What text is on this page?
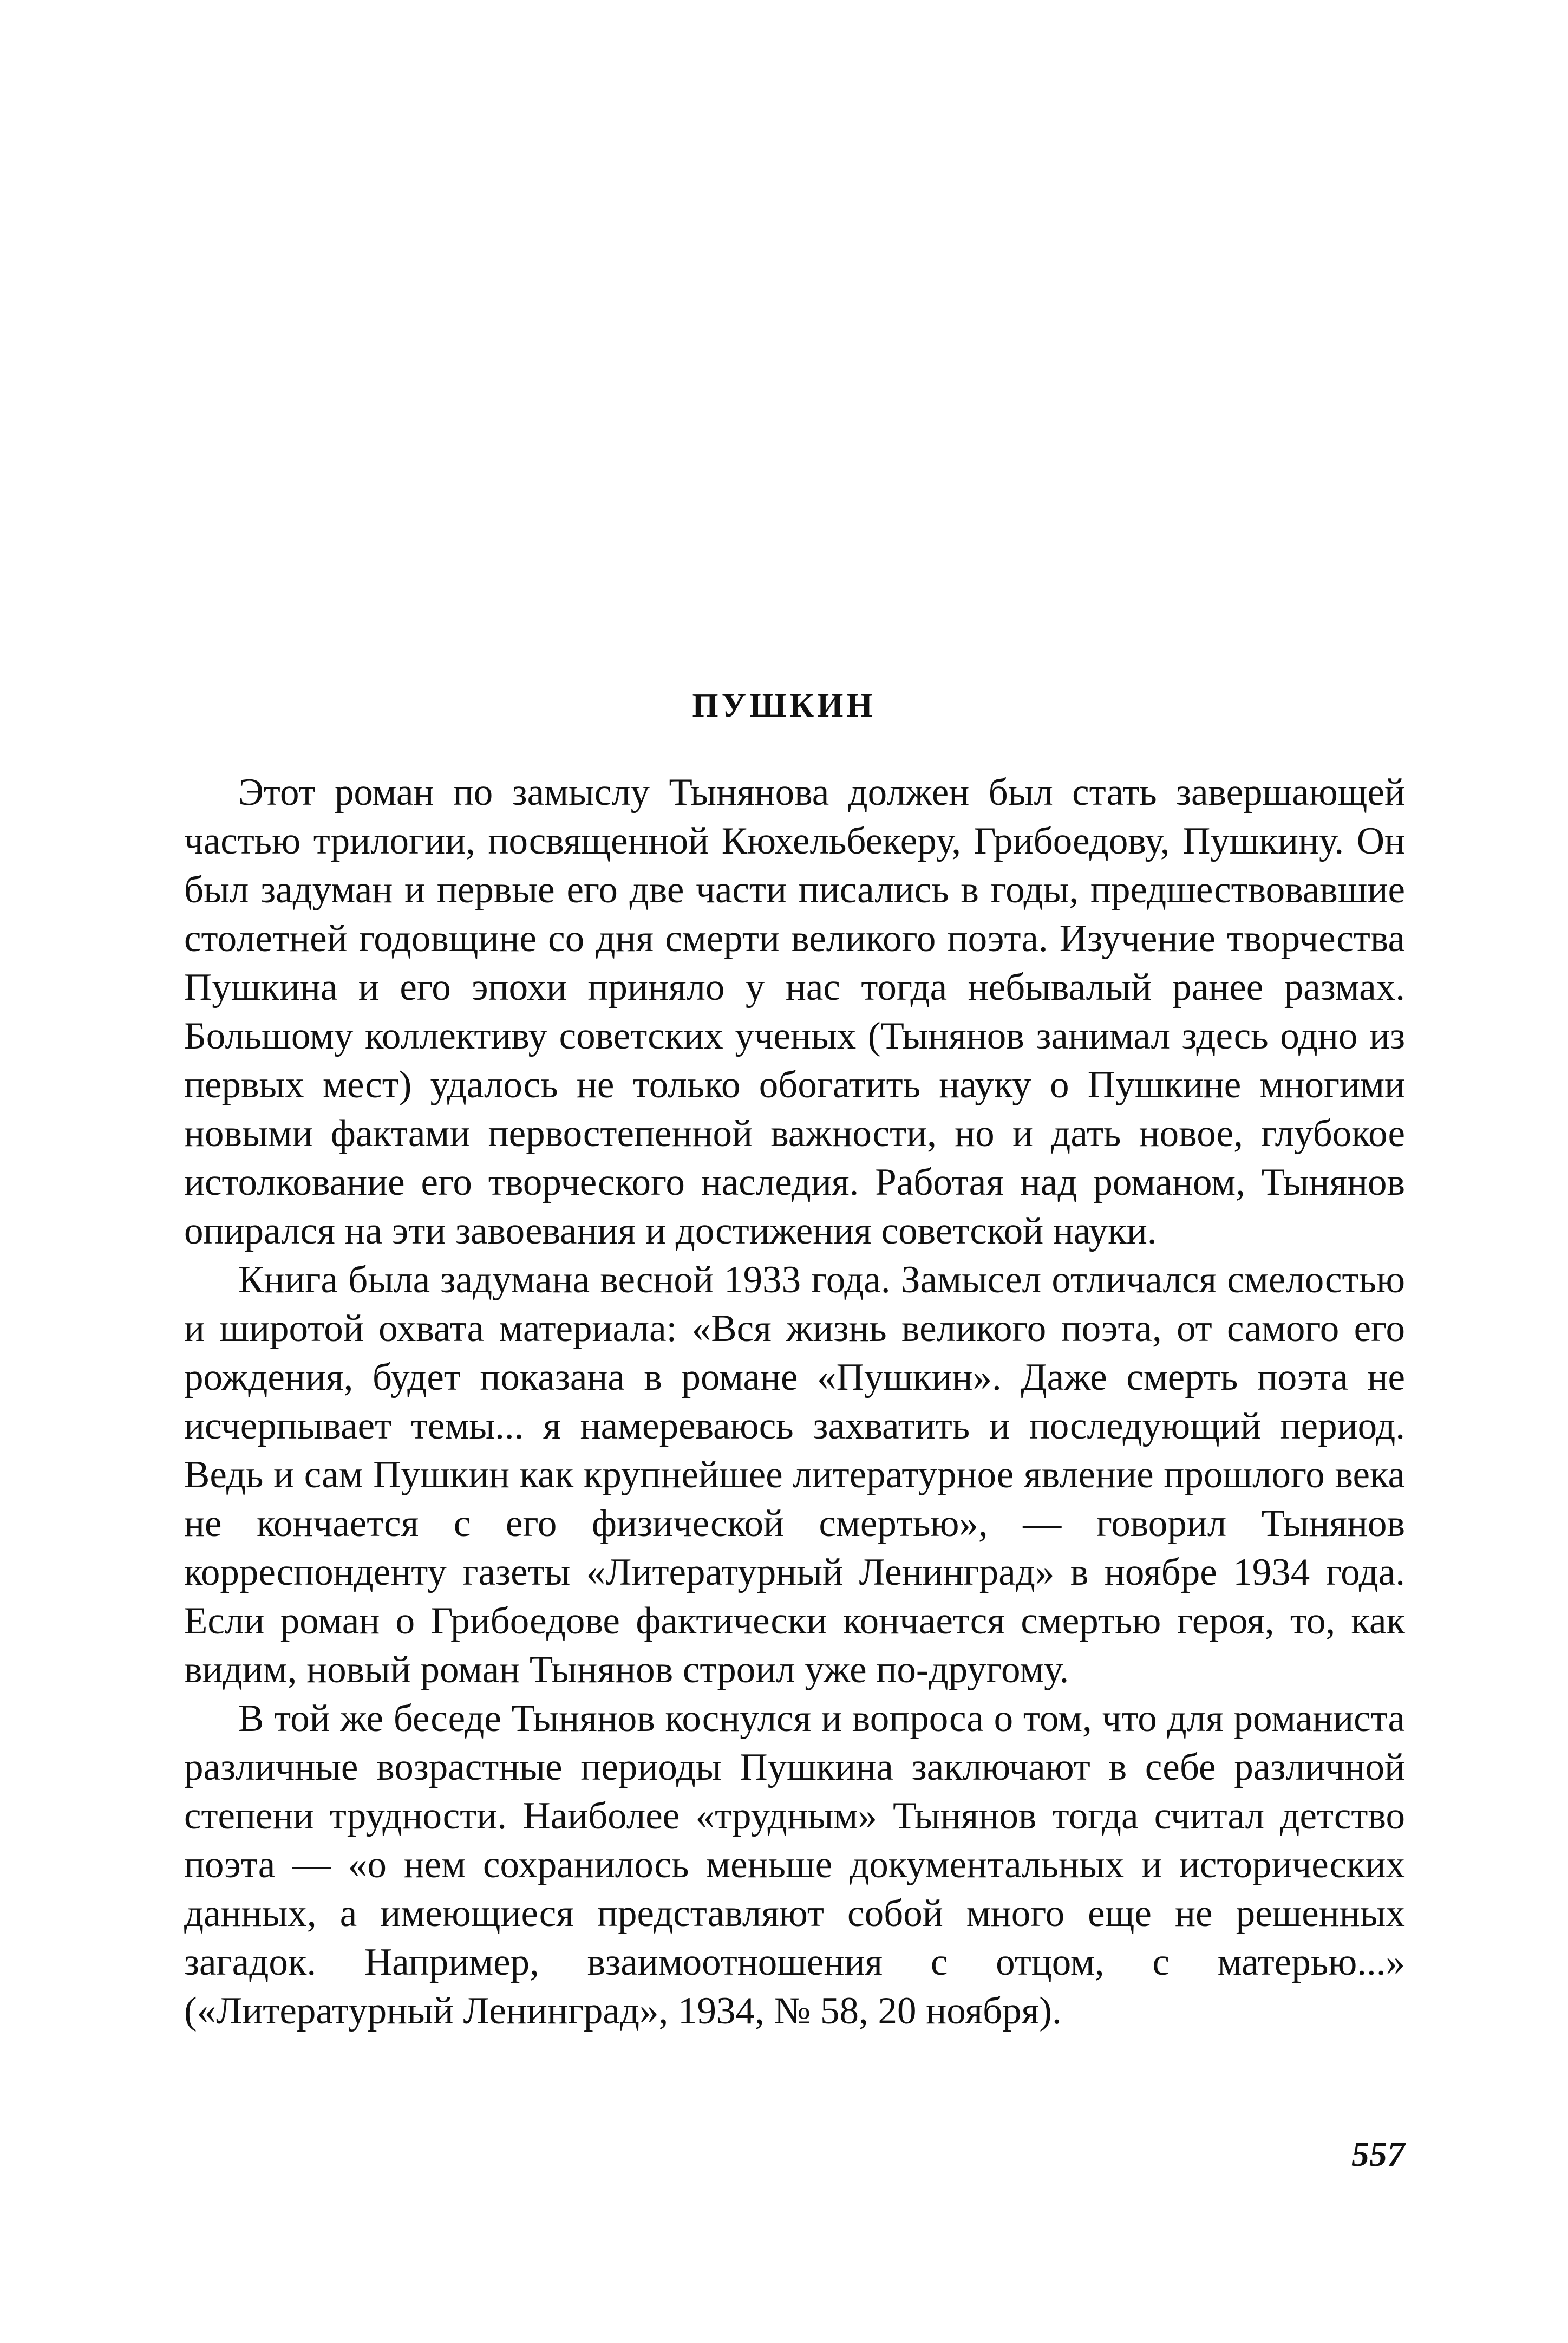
ПУШКИН

Этот роман по замыслу Тынянова должен был стать завершающей частью трилогии, посвященной Кюхельбекеру, Грибоедову, Пушкину. Он был задуман и первые его две части писались в годы, предшествовавшие столетней годовщине со дня смерти великого поэта. Изучение творчества Пушкина и его эпохи приняло у нас тогда небывалый ранее размах. Большому коллективу советских ученых (Тынянов занимал здесь одно из первых мест) удалось не только обогатить науку о Пушкине многими новыми фактами первостепенной важности, но и дать новое, глубокое истолкование его творческого наследия. Работая над романом, Тынянов опирался на эти завоевания и достижения советской науки.

Книга была задумана весной 1933 года. Замысел отличался смелостью и широтой охвата материала: «Вся жизнь великого поэта, от самого его рождения, будет показана в романе «Пушкин». Даже смерть поэта не исчерпывает темы... я намереваюсь захватить и последующий период. Ведь и сам Пушкин как крупнейшее литературное явление прошлого века не кончается с его физической смертью», — говорил Тынянов корреспонденту газеты «Литературный Ленинград» в ноябре 1934 года. Если роман о Грибоедове фактически кончается смертью героя, то, как видим, новый роман Тынянов строил уже по-другому.

В той же беседе Тынянов коснулся и вопроса о том, что для романиста различные возрастные периоды Пушкина заключают в себе различной степени трудности. Наиболее «трудным» Тынянов тогда считал детство поэта — «о нем сохранилось меньше документальных и исторических данных, а имеющиеся представляют собой много еще не решенных загадок. Например, взаимоотношения с отцом, с матерью...» («Литературный Ленинград», 1934, № 58, 20 ноября).

557
